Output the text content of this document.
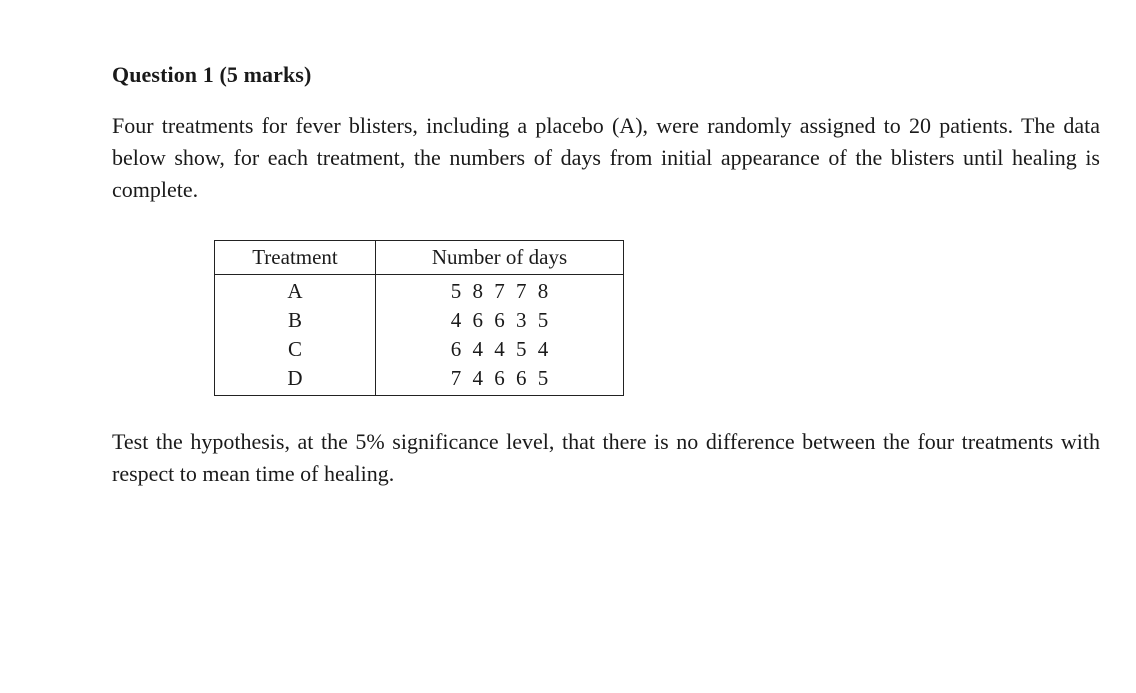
Question 1 (5 marks)

Four treatments for fever blisters, including a placebo (A), were randomly assigned to 20 patients. The data below show, for each treatment, the numbers of days from initial appearance of the blisters until healing is complete.

Treatment	Number of days
A	5 8 7 7 8
B	4 6 6 3 5
C	6 4 4 5 4
D	7 4 6 6 5

Test the hypothesis, at the 5% significance level, that there is no difference between the four treatments with respect to mean time of healing.
